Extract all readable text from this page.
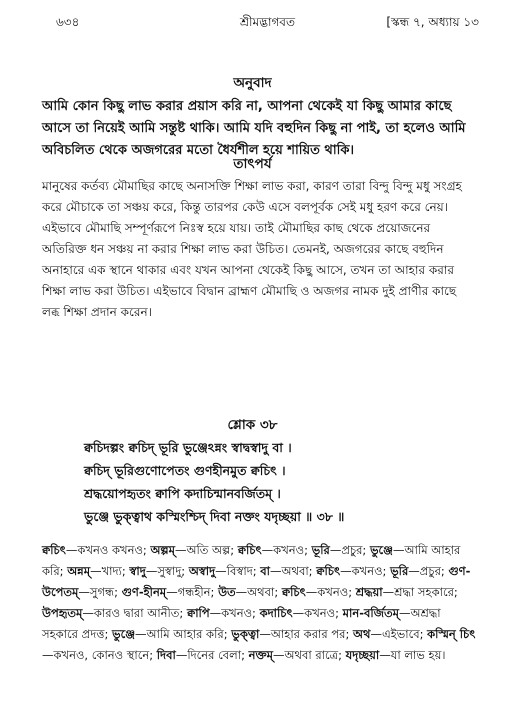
৬৩৪	শ্রীমদ্ভাগবত	[স্কন্ধ ৭, অধ্যায় ১৩
অনুবাদ
আমি কোন কিছু লাভ করার প্রয়াস করি না, আপনা থেকেই যা কিছু আমার কাছে আসে তা নিয়েই আমি সন্তুষ্ট থাকি। আমি যদি বহুদিন কিছু না পাই, তা হলেও আমি অবিচলিত থেকে অজগরের মতো ধৈর্যশীল হয়ে শায়িত থাকি।
তাৎপর্য
মানুষের কর্তব্য মৌমাছির কাছে অনাসক্তি শিক্ষা লাভ করা, কারণ তারা বিন্দু বিন্দু মধু সংগ্রহ করে মৌচাকে তা সঞ্চয় করে, কিন্তু তারপর কেউ এসে বলপূর্বক সেই মধু হরণ করে নেয়। এইভাবে মৌমাছি সম্পূর্ণরূপে নিঃস্ব হয়ে যায়। তাই মৌমাছির কাছ থেকে প্রয়োজনের অতিরিক্ত ধন সঞ্চয় না করার শিক্ষা লাভ করা উচিত। তেমনই, অজগরের কাছে বহুদিন অনাহারে এক স্থানে থাকার এবং যখন আপনা থেকেই কিছু আসে, তখন তা আহার করার শিক্ষা লাভ করা উচিত। এইভাবে বিদ্বান ব্রাহ্মণ মৌমাছি ও অজগর নামক দুই প্রাণীর কাছে লব্ধ শিক্ষা প্রদান করেন।
শ্লোক ৩৮
ক্বচিদল্পং ক্বচিদ্ ভূরি ভুঞ্জেঽন্নং স্বাদ্বস্বাদু বা ।
ক্বচিদ্ ভূরিগুণোপেতং গুণহীনমুত ক্বচিৎ ।
শ্রদ্ধয়োপহৃতং ক্বাপি কদাচিন্মানবর্জিতম্ ।
ভুঞ্জে ভুক্ত্বাথ কস্মিংশ্চিদ্ দিবা নক্তং যদৃচ্ছয়া ॥ ৩৮ ॥
ক্বচিৎ—কখনও কখনও; অল্পম্—অতি অল্প; ক্বচিৎ—কখনও; ভূরি—প্রচুর; ভুঞ্জে—আমি আহার করি; অন্নম্—খাদ্য; স্বাদু—সুস্বাদু; অস্বাদু—বিস্বাদ; বা—অথবা; ক্বচিৎ—কখনও; ভূরি—প্রচুর; গুণ-উপেতম্—সুগন্ধ; গুণ-হীনম্—গন্ধহীন; উত—অথবা; ক্বচিৎ—কখনও; শ্রদ্ধয়া—শ্রদ্ধা সহকারে; উপহৃতম্—কারও দ্বারা আনীত; ক্বাপি—কখনও; কদাচিৎ—কখনও; মান-বর্জিতম্—অশ্রদ্ধা সহকারে প্রদত্ত; ভুঞ্জে—আমি আহার করি; ভুক্ত্বা—আহার করার পর; অথ—এইভাবে; কস্মিন্ চিৎ—কখনও, কোনও স্থানে; দিবা—দিনের বেলা; নক্তম্—অথবা রাত্রে; যদৃচ্ছয়া—যা লাভ হয়।
